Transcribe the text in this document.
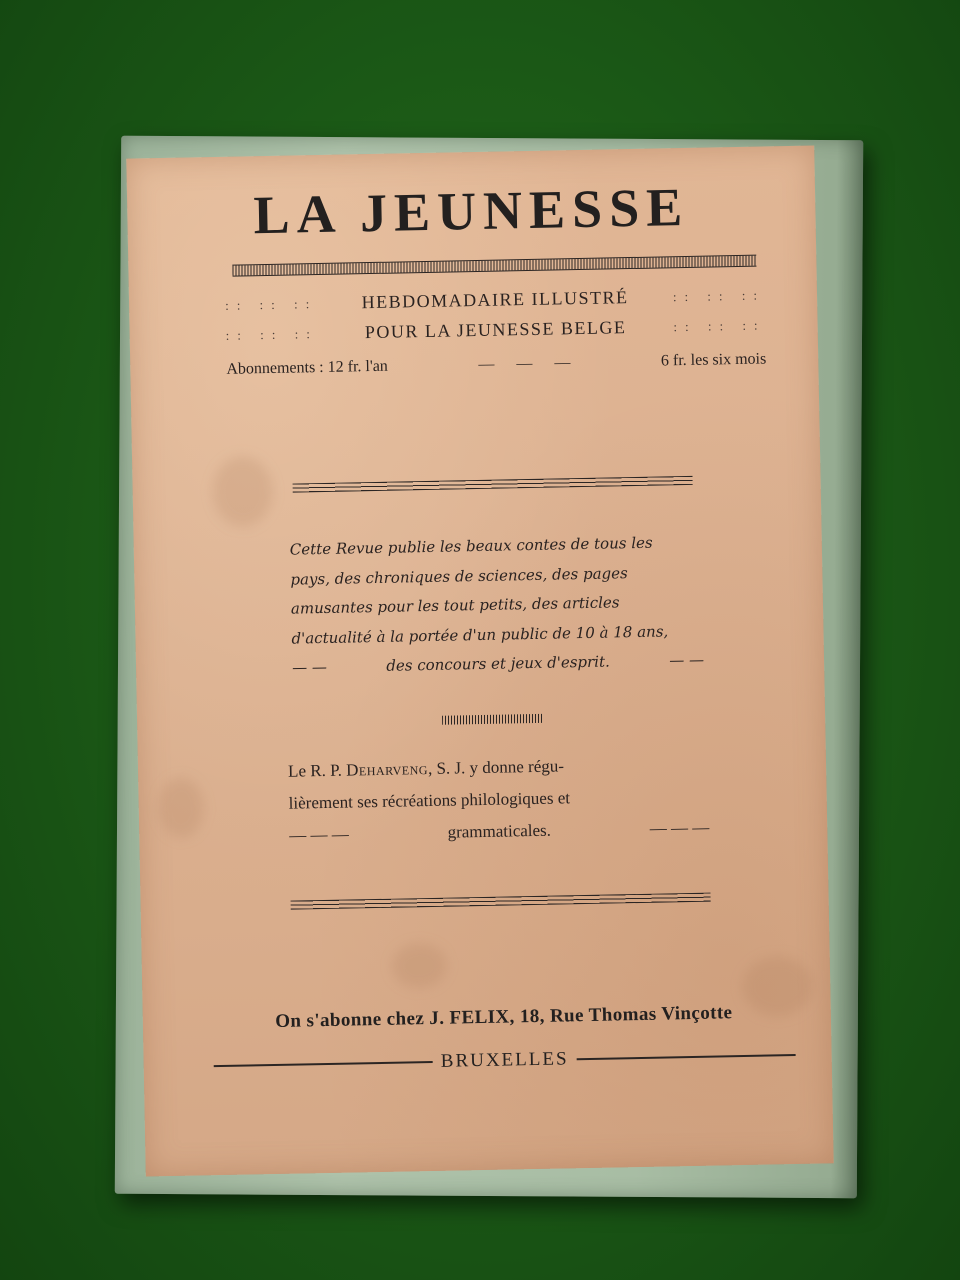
LA JEUNESSE
:: :: :: HEBDOMADAIRE ILLUSTRÉ	:: :: ::
:: :: ::	POUR LA JEUNESSE BELGE	:: :: ::
Abonnements : 12 fr. l'an	— — —	6 fr. les six mois
Cette Revue publie les beaux contes de tous les
pays, des chroniques de sciences, des pages
amusantes pour les tout petits, des articles
d'actualité à la portée d'un public de 10 à 18 ans,
— —	des concours et jeux d'esprit.	— —
Le R. P. Deharveng, S. J. y donne régu-
lièrement ses récréations philologiques et
— — —	grammaticales.	— — —
On s'abonne chez J. FELIX, 18, Rue Thomas Vinçotte
BRUXELLES
